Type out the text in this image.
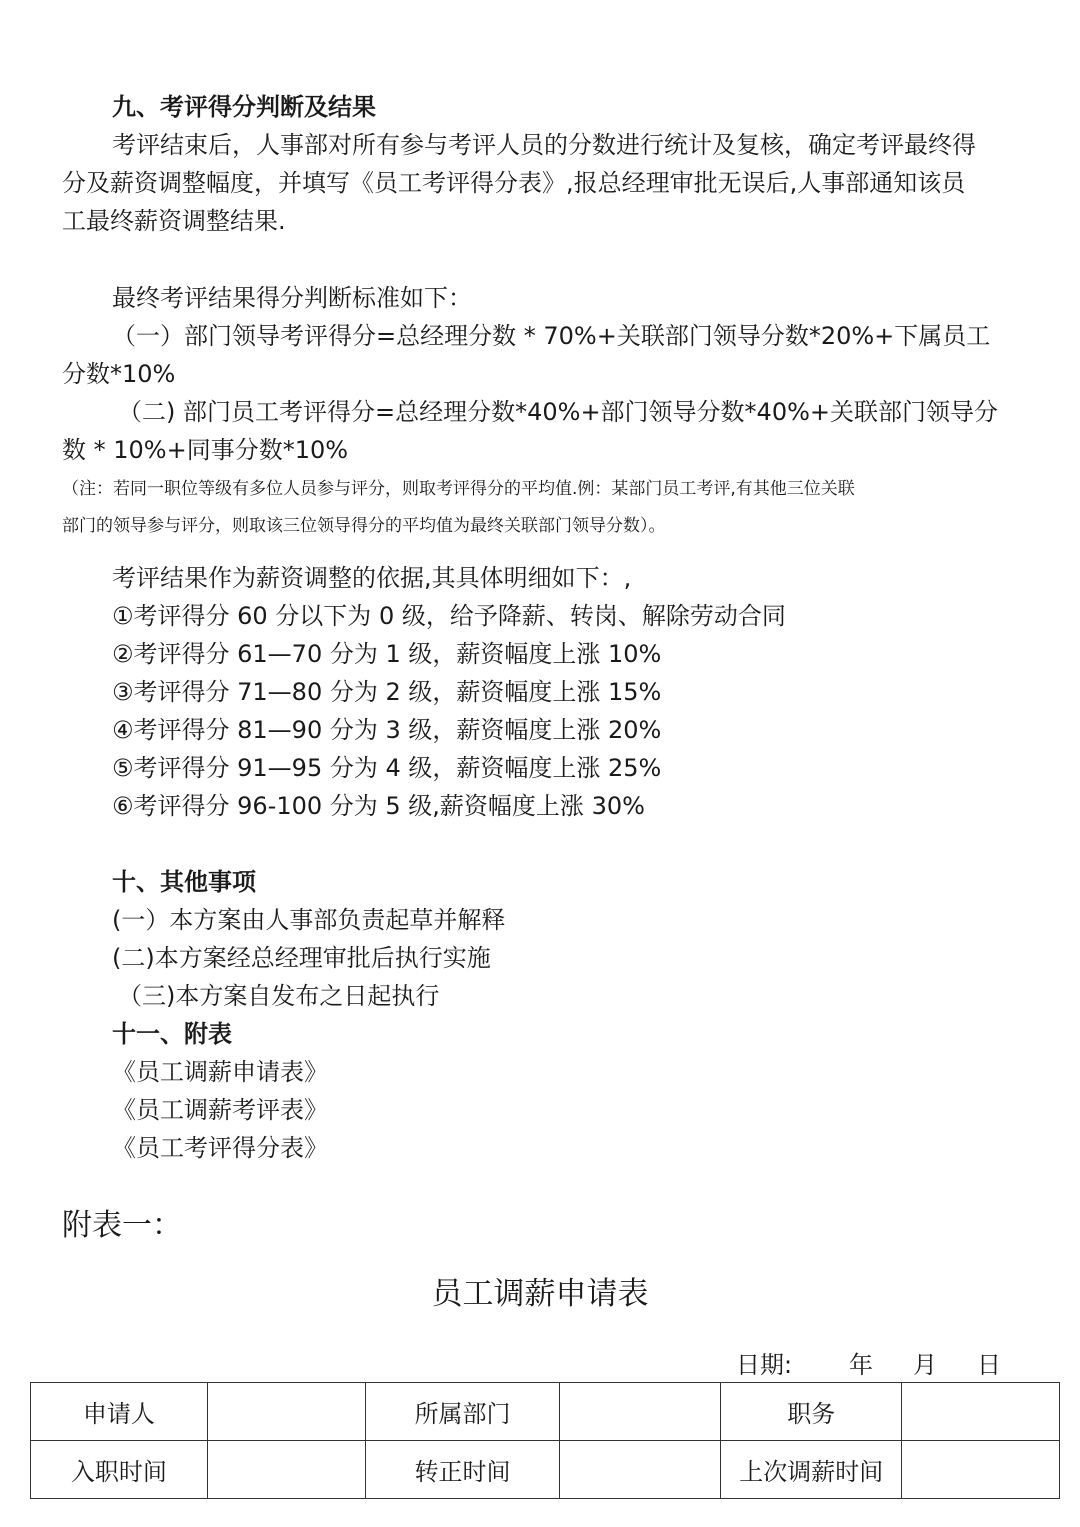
九、考评得分判断及结果
考评结束后，人事部对所有参与考评人员的分数进行统计及复核，确定考评最终得
分及薪资调整幅度，并填写《员工考评得分表》,报总经理审批无误后,人事部通知该员
工最终薪资调整结果.
最终考评结果得分判断标准如下：
（一）部门领导考评得分=总经理分数 * 70%+关联部门领导分数*20%+下属员工
分数*10%
（二) 部门员工考评得分=总经理分数*40%+部门领导分数*40%+关联部门领导分
数 * 10%+同事分数*10%
（注：若同一职位等级有多位人员参与评分，则取考评得分的平均值.例：某部门员工考评,有其他三位关联
部门的领导参与评分，则取该三位领导得分的平均值为最终关联部门领导分数）。
考评结果作为薪资调整的依据,其具体明细如下：,
①考评得分 60 分以下为 0 级，给予降薪、转岗、解除劳动合同
②考评得分 61—70 分为 1 级，薪资幅度上涨 10%
③考评得分 71—80 分为 2 级，薪资幅度上涨 15%
④考评得分 81—90 分为 3 级，薪资幅度上涨 20%
⑤考评得分 91—95 分为 4 级，薪资幅度上涨 25%
⑥考评得分 96-100 分为 5 级,薪资幅度上涨 30%
十、其他事项
(一）本方案由人事部负责起草并解释
(二)本方案经总经理审批后执行实施
（三)本方案自发布之日起执行
十一、附表
《员工调薪申请表》
《员工调薪考评表》
《员工考评得分表》
附表一：
员工调薪申请表
日期: 年 月 日
申请人		所属部门		职务	
入职时间		转正时间		上次调薪时间	
